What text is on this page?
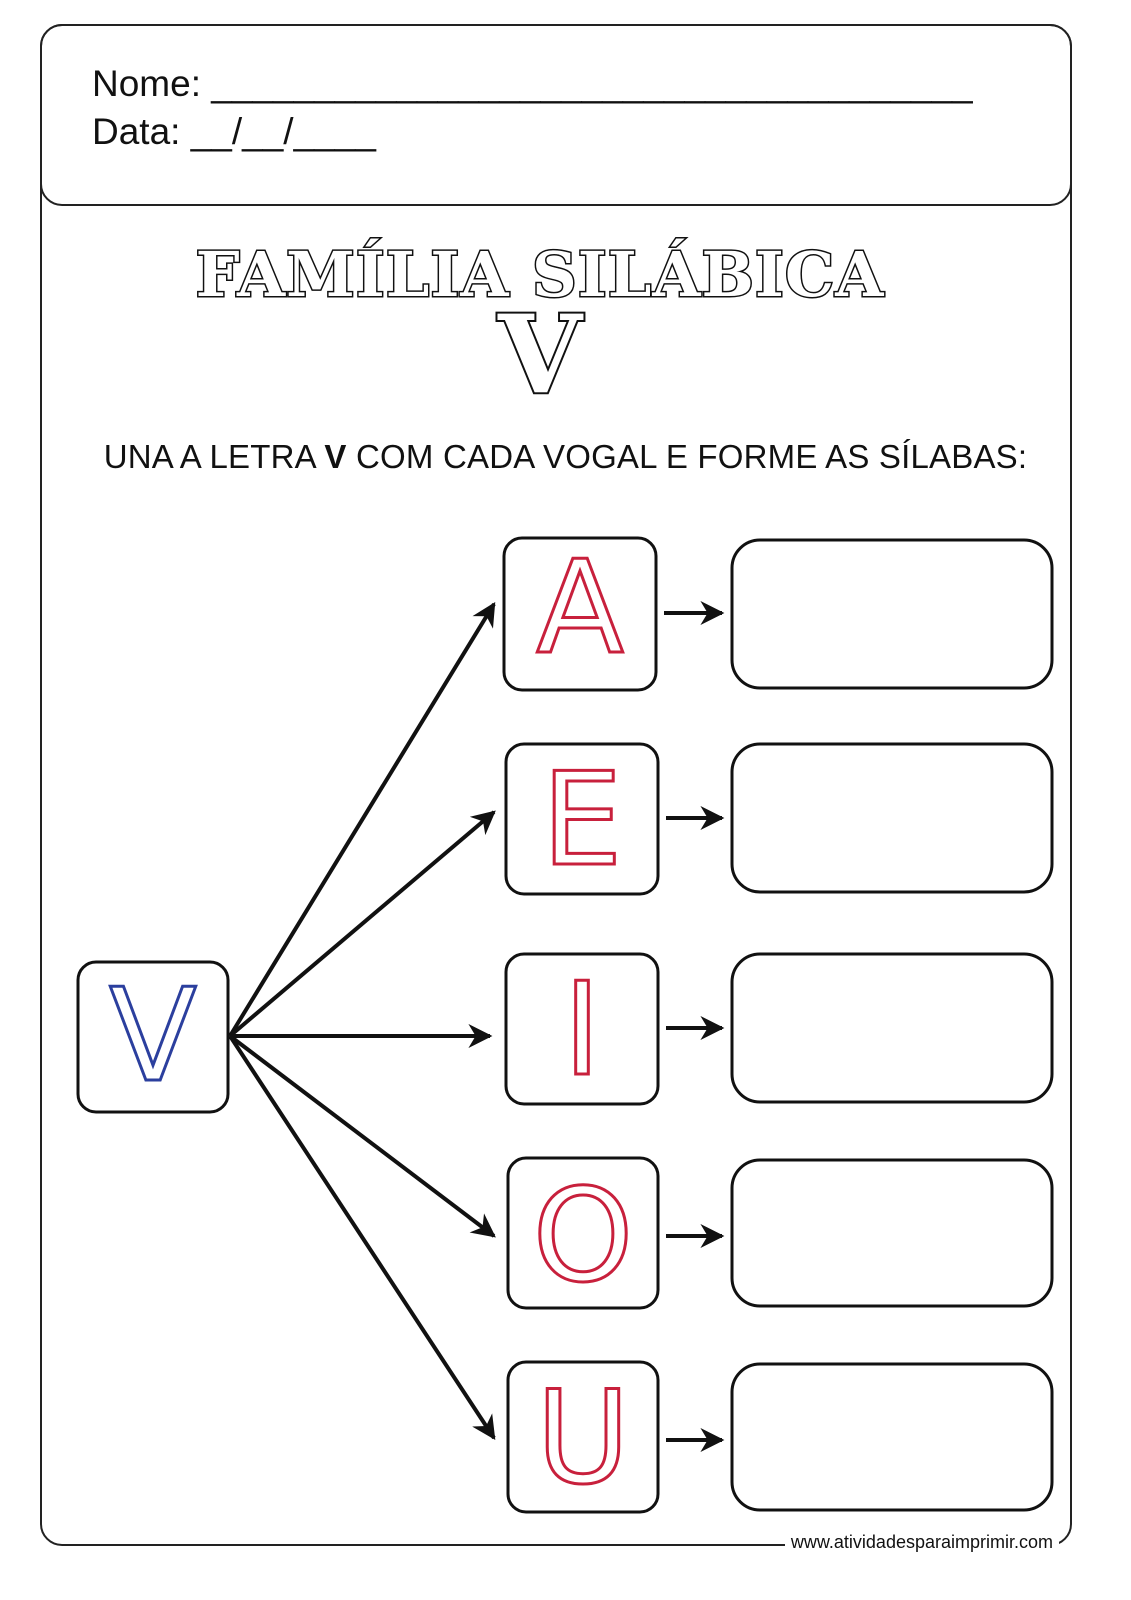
Nome: _____________________________________
Data: __/__/____
FAMÍLIA SILÁBICA
V
UNA A LETRA V COM CADA VOGAL E FORME AS SÍLABAS:
V
A
E
I
O
U
www.atividadesparaimprimir.com
